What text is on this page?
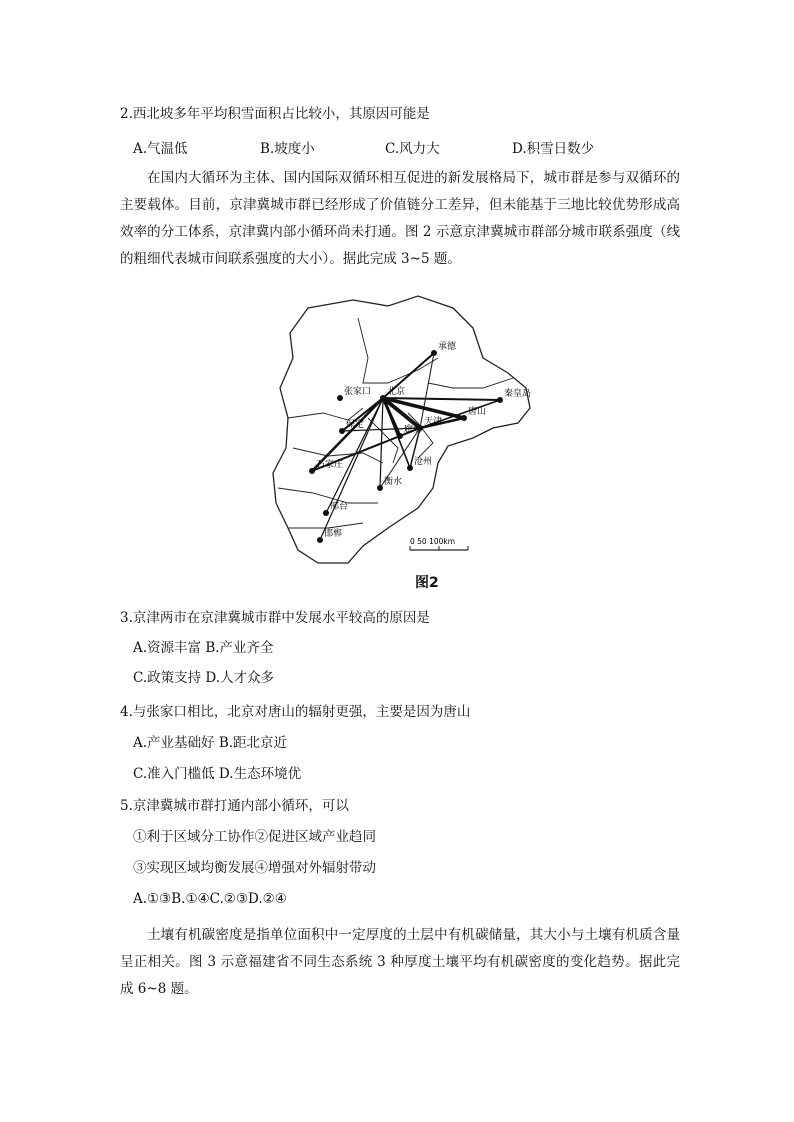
2.西北坡多年平均积雪面积占比较小，其原因可能是
A.气温低	B.坡度小	C.风力大	D.积雪日数少
在国内大循环为主体、国内国际双循环相互促进的新发展格局下，城市群是参与双循环的主要载体。目前，京津冀城市群已经形成了价值链分工差异，但未能基于三地比较优势形成高效率的分工体系，京津冀内部小循环尚未打通。图 2 示意京津冀城市群部分城市联系强度（线的粗细代表城市间联系强度的大小）。据此完成 3~5 题。
北京
天津
承德
张家口	秦皇岛
唐山
保定	廊坊
沧州
衡水
石家庄
邢台
邯郸
0 50 100km
图2
3.京津两市在京津冀城市群中发展水平较高的原因是
A.资源丰富 B.产业齐全
C.政策支持 D.人才众多
4.与张家口相比，北京对唐山的辐射更强，主要是因为唐山
A.产业基础好 B.距北京近
C.准入门槛低 D.生态环境优
5.京津冀城市群打通内部小循环，可以
①利于区域分工协作②促进区域产业趋同
③实现区域均衡发展④增强对外辐射带动
A.①③B.①④C.②③D.②④
土壤有机碳密度是指单位面积中一定厚度的土层中有机碳储量，其大小与土壤有机质含量呈正相关。图 3 示意福建省不同生态系统 3 种厚度土壤平均有机碳密度的变化趋势。据此完成 6~8 题。
